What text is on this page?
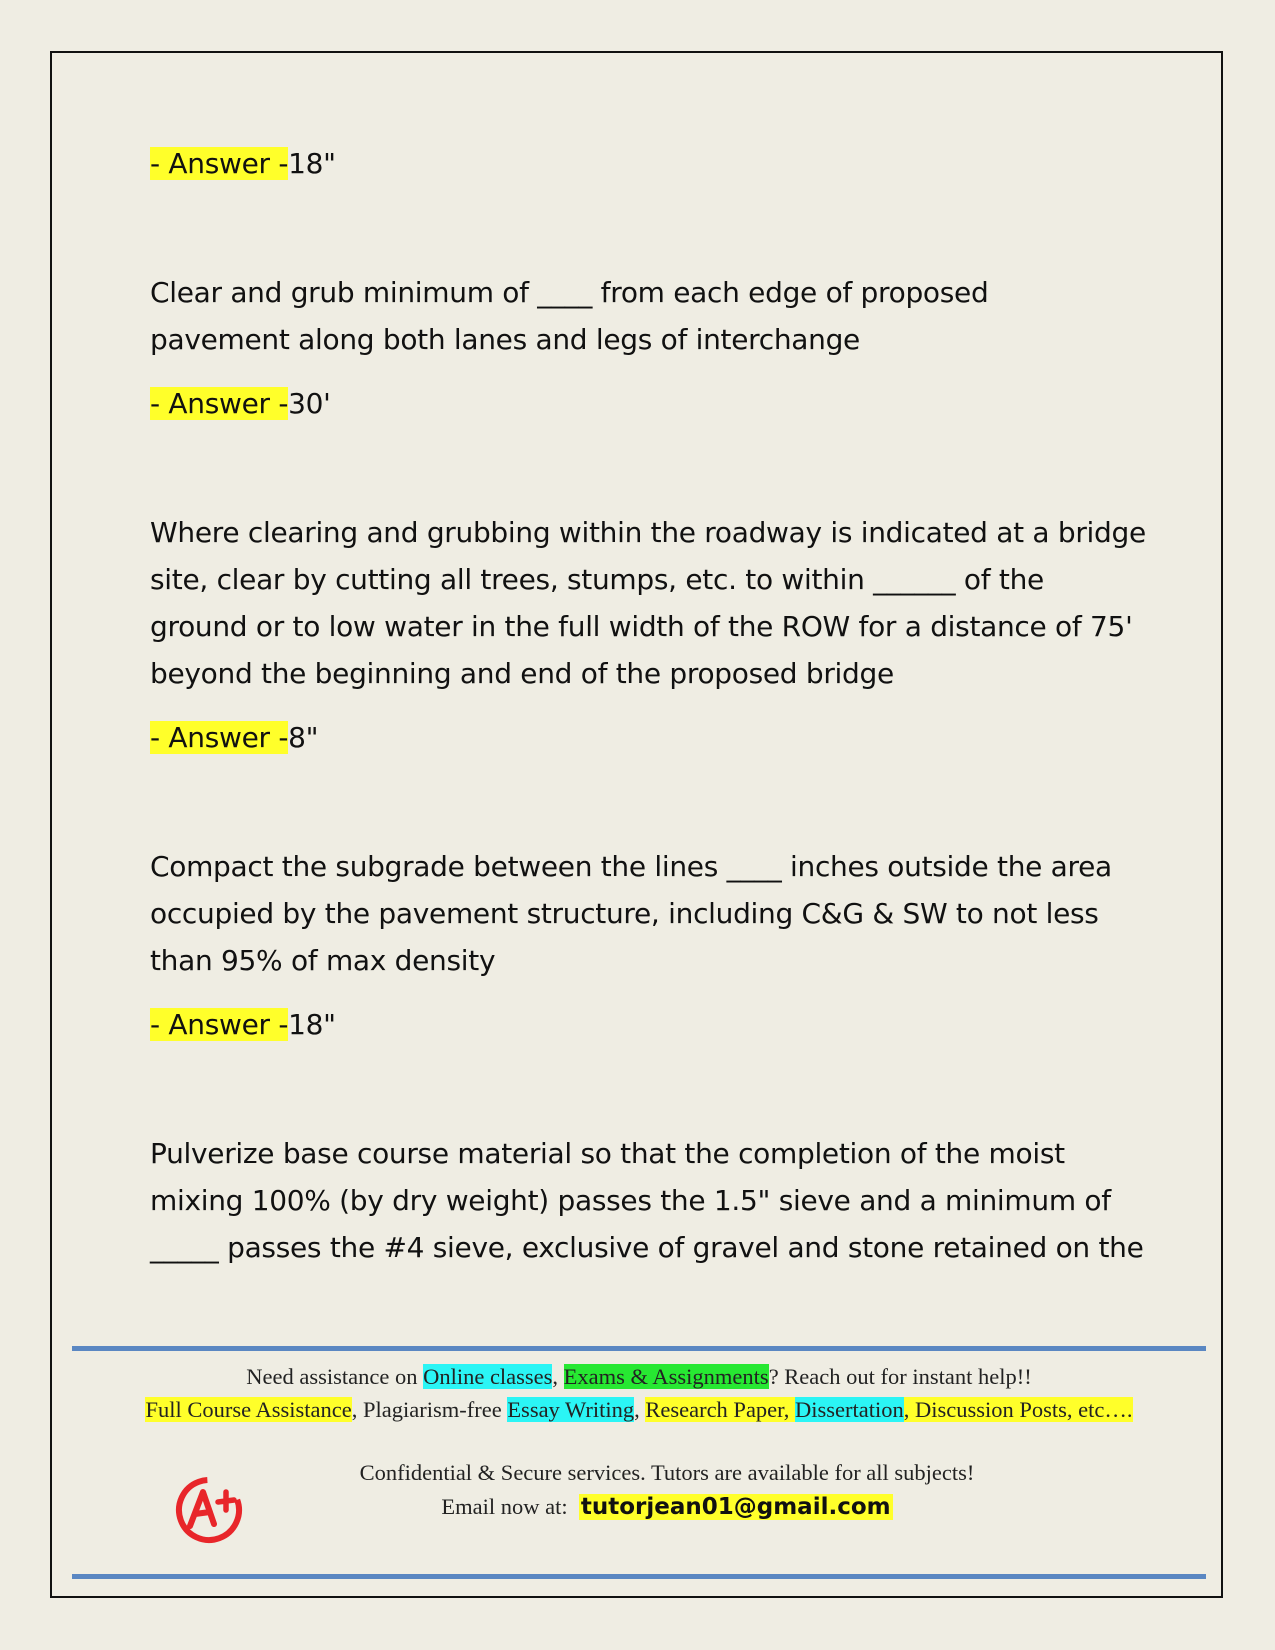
- Answer -18"

Clear and grub minimum of ____ from each edge of proposed
pavement along both lanes and legs of interchange

- Answer -30'

Where clearing and grubbing within the roadway is indicated at a bridge
site, clear by cutting all trees, stumps, etc. to within ______ of the
ground or to low water in the full width of the ROW for a distance of 75'
beyond the beginning and end of the proposed bridge

- Answer -8"

Compact the subgrade between the lines ____ inches outside the area
occupied by the pavement structure, including C&G & SW to not less
than 95% of max density

- Answer -18"

Pulverize base course material so that the completion of the moist
mixing 100% (by dry weight) passes the 1.5" sieve and a minimum of
_____ passes the #4 sieve, exclusive of gravel and stone retained on the

Need assistance on Online classes, Exams & Assignments? Reach out for instant help!!
Full Course Assistance, Plagiarism-free Essay Writing, Research Paper, Dissertation, Discussion Posts, etc….
Confidential & Secure services. Tutors are available for all subjects!
Email now at: tutorjean01@gmail.com
A+
